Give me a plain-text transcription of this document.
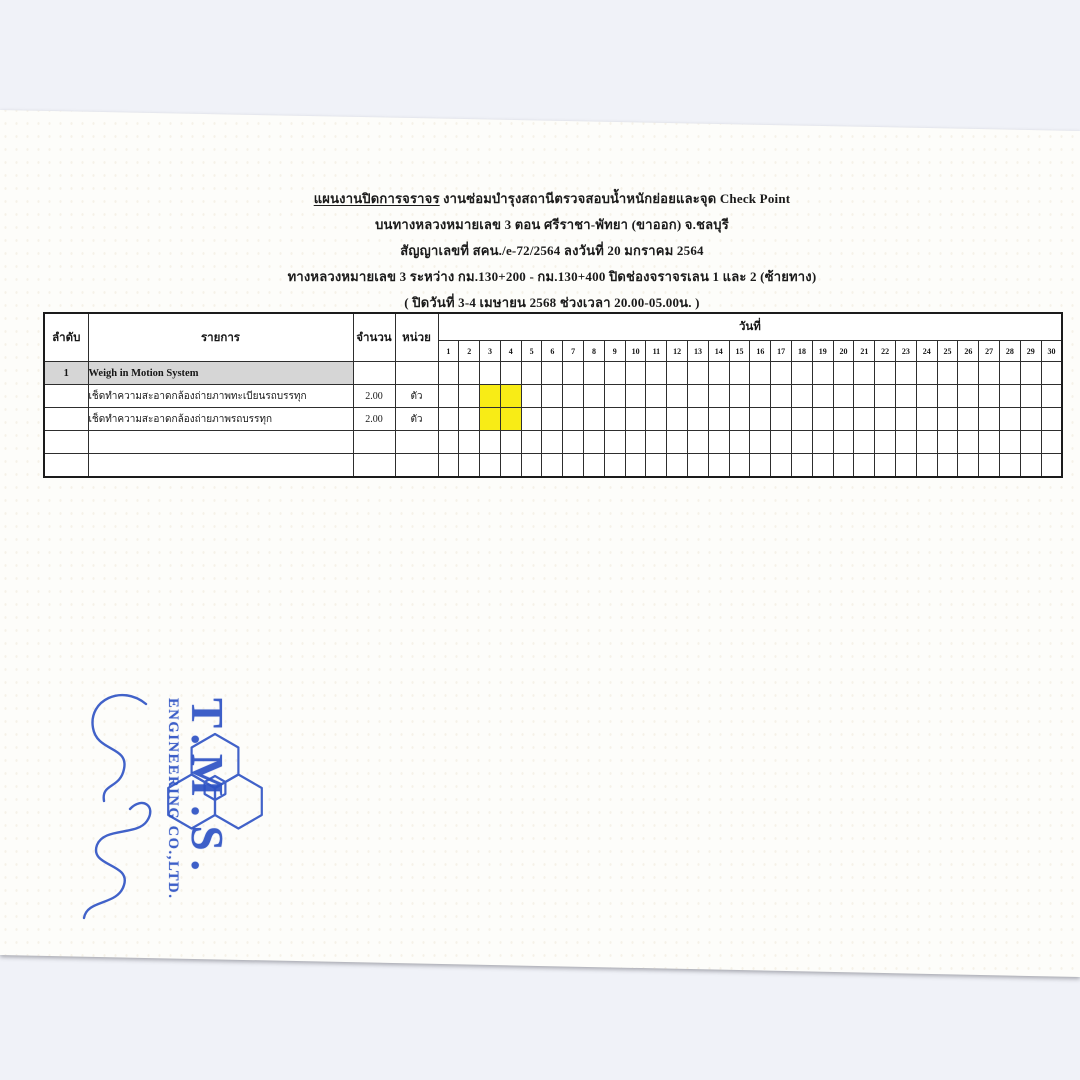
แผนงานปิดการจราจร งานซ่อมบำรุงสถานีตรวจสอบน้ำหนักย่อยและจุด Check Point
บนทางหลวงหมายเลข 3 ตอน ศรีราชา-พัทยา (ขาออก) จ.ชลบุรี
สัญญาเลขที่ สคน./e-72/2564 ลงวันที่ 20 มกราคม 2564
ทางหลวงหมายเลข 3 ระหว่าง กม.130+200 - กม.130+400 ปิดช่องจราจรเลน 1 และ 2 (ซ้ายทาง)
( ปิดวันที่ 3-4 เมษายน 2568 ช่วงเวลา 20.00-05.00น. )
ลำดับ	รายการ	จำนวน	หน่วย	วันที่																													
				1	2	3	4	5	6	7	8	9	10	11	12	13	14	15	16	17	18	19	20	21	22	23	24	25	26	27	28	29	30
1	Weigh in Motion System																																
	เช็ดทำความสะอาดกล้องถ่ายภาพทะเบียนรถบรรทุก	2.00	ตัว																														
	เช็ดทำความสะอาดกล้องถ่ายภาพรถบรรทุก	2.00	ตัว																														

T.M.S.
ENGINEERING CO.,LTD.
